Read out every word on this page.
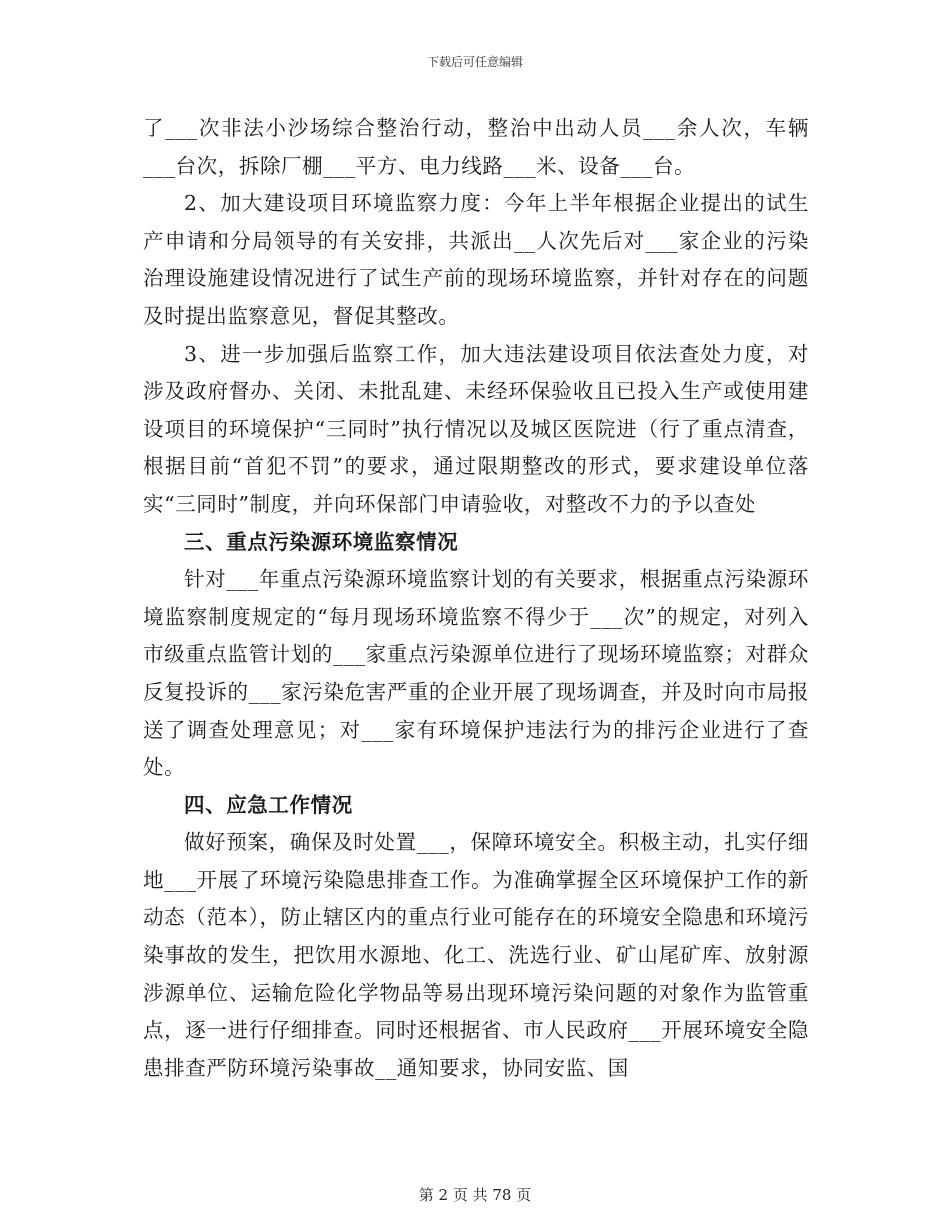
下载后可任意编辑

了___次非法小沙场综合整治行动，整治中出动人员___余人次，车辆___台次，拆除厂棚___平方、电力线路___米、设备___台。

2、加大建设项目环境监察力度：今年上半年根据企业提出的试生产申请和分局领导的有关安排，共派出__人次先后对___家企业的污染治理设施建设情况进行了试生产前的现场环境监察，并针对存在的问题及时提出监察意见，督促其整改。

3、进一步加强后监察工作，加大违法建设项目依法查处力度，对涉及政府督办、关闭、未批乱建、未经环保验收且已投入生产或使用建设项目的环境保护“三同时”执行情况以及城区医院进（行了重点清查，根据目前“首犯不罚”的要求，通过限期整改的形式，要求建设单位落实“三同时”制度，并向环保部门申请验收，对整改不力的予以查处

三、重点污染源环境监察情况

针对___年重点污染源环境监察计划的有关要求，根据重点污染源环境监察制度规定的“每月现场环境监察不得少于___次”的规定，对列入市级重点监管计划的___家重点污染源单位进行了现场环境监察；对群众反复投诉的___家污染危害严重的企业开展了现场调查，并及时向市局报送了调查处理意见；对___家有环境保护违法行为的排污企业进行了查处。

四、应急工作情况

做好预案，确保及时处置___，保障环境安全。积极主动，扎实仔细地___开展了环境污染隐患排查工作。为准确掌握全区环境保护工作的新动态（范本），防止辖区内的重点行业可能存在的环境安全隐患和环境污染事故的发生，把饮用水源地、化工、洗选行业、矿山尾矿库、放射源涉源单位、运输危险化学物品等易出现环境污染问题的对象作为监管重点，逐一进行仔细排查。同时还根据省、市人民政府___开展环境安全隐患排查严防环境污染事故__通知要求，协同安监、国

第 2 页 共 78 页
